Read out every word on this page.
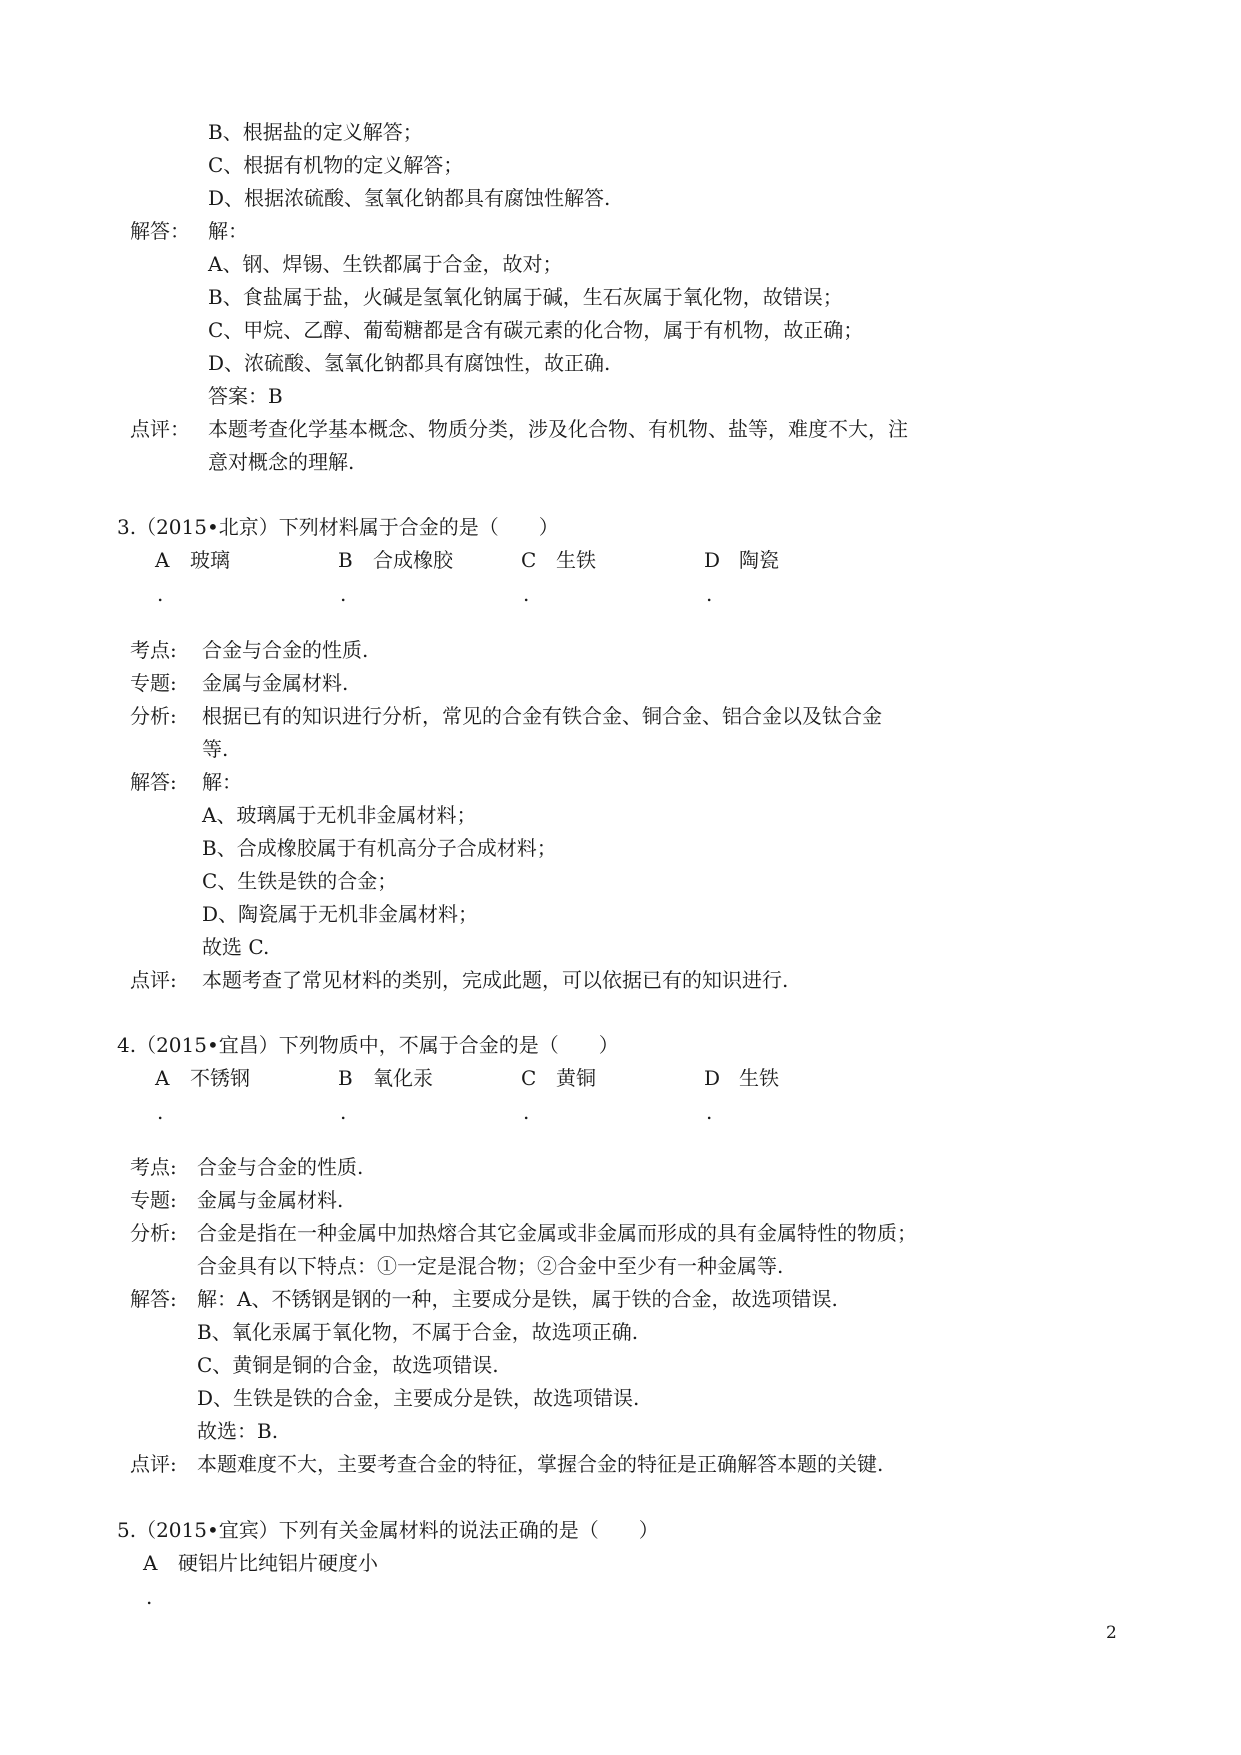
B、根据盐的定义解答；
C、根据有机物的定义解答；
D、根据浓硫酸、氢氧化钠都具有腐蚀性解答.
解答： 解：
A、钢、焊锡、生铁都属于合金，故对；
B、食盐属于盐，火碱是氢氧化钠属于碱，生石灰属于氧化物，故错误；
C、甲烷、乙醇、葡萄糖都是含有碳元素的化合物，属于有机物，故正确；
D、浓硫酸、氢氧化钠都具有腐蚀性，故正确.
答案：B
点评： 本题考查化学基本概念、物质分类，涉及化合物、有机物、盐等，难度不大，注
意对概念的理解.
3.（2015•北京）下列材料属于合金的是（　　）
A 玻璃
.
B 合成橡胶
.
C 生铁
.
D 陶瓷
.
考点: 合金与合金的性质.
专题: 金属与金属材料.
分析: 根据已有的知识进行分析，常见的合金有铁合金、铜合金、铝合金以及钛合金
等.
解答: 解：
A、玻璃属于无机非金属材料；
B、合成橡胶属于有机高分子合成材料；
C、生铁是铁的合金；
D、陶瓷属于无机非金属材料；
故选 C.
点评: 本题考查了常见材料的类别，完成此题，可以依据已有的知识进行.
4.（2015•宜昌）下列物质中，不属于合金的是（　　）
A 不锈钢
.
B 氧化汞
.
C 黄铜
.
D 生铁
.
考点: 合金与合金的性质.
专题: 金属与金属材料.
分析: 合金是指在一种金属中加热熔合其它金属或非金属而形成的具有金属特性的物质；
合金具有以下特点：①一定是混合物；②合金中至少有一种金属等.
解答: 解：A、不锈钢是钢的一种，主要成分是铁，属于铁的合金，故选项错误.
B、氧化汞属于氧化物，不属于合金，故选项正确.
C、黄铜是铜的合金，故选项错误.
D、生铁是铁的合金，主要成分是铁，故选项错误.
故选：B.
点评: 本题难度不大，主要考查合金的特征，掌握合金的特征是正确解答本题的关键.
5.（2015•宜宾）下列有关金属材料的说法正确的是（　　）
A 硬铝片比纯铝片硬度小
.
2
